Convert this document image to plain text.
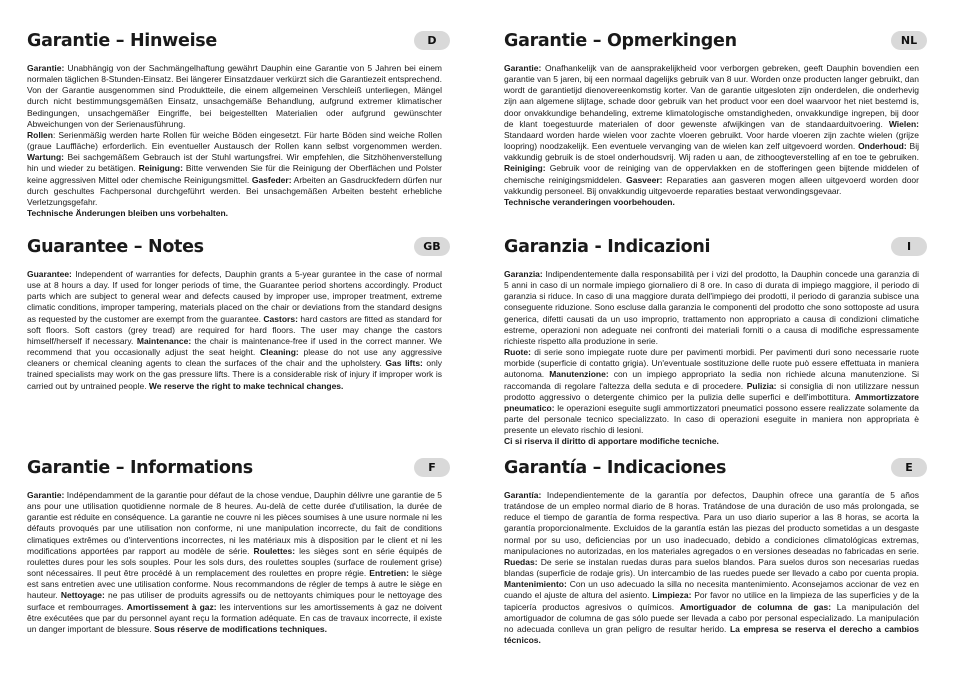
Garantie – Hinweise	D

Garantie: Unabhängig von der Sachmängelhaftung gewährt Dauphin eine Garantie von 5 Jahren bei einem normalen täglichen 8-Stunden-Einsatz. Bei längerer Einsatzdauer verkürzt sich die Garantiezeit entsprechend. Von der Garantie ausgenommen sind Produktteile, die einem allgemeinen Verschleiß unterliegen, Mängel durch nicht bestimmungsgemäßen Einsatz, unsachgemäße Behandlung, aufgrund extremer klimatischer Bedingungen, unsachgemäßer Eingriffe, bei beigestellten Materialien oder aufgrund gewünschter Abweichungen von der Serienausführung.

Rollen: Serienmäßig werden harte Rollen für weiche Böden eingesetzt. Für harte Böden sind weiche Rollen (graue Lauffläche) erforderlich. Ein eventueller Austausch der Rollen kann selbst vorgenommen werden. Wartung: Bei sachgemäßem Gebrauch ist der Stuhl wartungsfrei. Wir empfehlen, die Sitzhöhenverstellung hin und wieder zu betätigen. Reinigung: Bitte verwenden Sie für die Reinigung der Oberflächen und Polster keine aggressiven Mittel oder chemische Reinigungsmittel. Gasfeder: Arbeiten an Gasdruckfedern dürfen nur durch geschultes Fachpersonal durchgeführt werden. Bei unsachgemäßen Arbeiten besteht erhebliche Verletzungsgefahr.

Technische Änderungen bleiben uns vorbehalten.

Guarantee – Notes	GB

Guarantee: Independent of warranties for defects, Dauphin grants a 5-year gurantee in the case of normal use at 8 hours a day. If used for longer periods of time, the Guarantee period shortens accordingly. Product parts which are subject to general wear and defects caused by improper use, improper treatment, extreme climatic conditions, improper tampering, materials placed on the chair or deviations from the standard designs as requested by the customer are exempt from the guarantee. Castors: hard castors are fitted as standard for soft floors. Soft castors (grey tread) are required for hard floors. The user may change the castors himself/herself if necessary. Maintenance: the chair is maintenance-free if used in the correct manner. We recommend that you occasionally adjust the seat height. Cleaning: please do not use any aggressive cleaners or chemical cleaning agents to clean the surfaces of the chair and the upholstery. Gas lifts: only trained specialists may work on the gas pressure lifts. There is a considerable risk of injury if improper work is carried out by untrained people. We reserve the right to make technical changes.

Garantie – Informations	F

Garantie: Indépendamment de la garantie pour défaut de la chose vendue, Dauphin délivre une garantie de 5 ans pour une utilisation quotidienne normale de 8 heures. Au-delà de cette durée d'utilisation, la durée de garantie est réduite en conséquence. La garantie ne couvre ni les pièces soumises à une usure normale ni les défauts provoqués par une utilisation non conforme, ni une manipulation incorrecte, du fait de conditions climatiques extrêmes ou d'interventions incorrectes, ni les matériaux mis à disposition par le client et ni les modifications apportées par rapport au modèle de série. Roulettes: les sièges sont en série équipés de roulettes dures pour les sols souples. Pour les sols durs, des roulettes souples (surface de roulement grise) sont nécessaires. Il peut être procédé à un remplacement des roulettes en propre régie. Entretien: le siège est sans entretien avec une utilisation conforme. Nous recommandons de régler de temps à autre le siège en hauteur. Nettoyage: ne pas utiliser de produits agressifs ou de nettoyants chimiques pour le nettoyage des surface et rembourrages. Amortissement à gaz: les interventions sur les amortissements à gaz ne doivent être exécutées que par du personnel ayant reçu la formation adéquate. En cas de travaux incorrecte, il existe un danger important de blessure. Sous réserve de modifications techniques.

Garantie – Opmerkingen	NL

Garantie: Onafhankelijk van de aansprakelijkheid voor verborgen gebreken, geeft Dauphin bovendien een garantie van 5 jaren, bij een normaal dagelijks gebruik van 8 uur. Worden onze producten langer gebruikt, dan wordt de garantietijd dienovereenkomstig korter. Van de garantie uitgesloten zijn onderdelen, die onderhevig zijn aan algemene slijtage, schade door gebruik van het product voor een doel waarvoor het niet bestemd is, door onvakkundige behandeling, extreme klimatologische omstandigheden, onvakkundige ingrepen, bij door de klant toegestuurde materialen of door gewenste afwijkingen van de standaarduitvoering. Wielen: Standaard worden harde wielen voor zachte vloeren gebruikt. Voor harde vloeren zijn zachte wielen (grijze loopring) noodzakelijk. Een eventuele vervanging van de wielen kan zelf uitgevoerd worden. Onderhoud: Bij vakkundig gebruik is de stoel onderhoudsvrij. Wij raden u aan, de zithoogteverstelling af en toe te gebruiken. Reiniging: Gebruik voor de reiniging van de oppervlakken en de stofferingen geen bijtende middelen of chemische reinigingsmiddelen. Gasveer: Reparaties aan gasveren mogen alleen uitgevoerd worden door vakkundig personeel. Bij onvakkundig uitgevoerde reparaties bestaat verwondingsgevaar.

Technische veranderingen voorbehouden.

Garanzia - Indicazioni	I

Garanzia: Indipendentemente dalla responsabilità per i vizi del prodotto, la Dauphin concede una garanzia di 5 anni in caso di un normale impiego giornaliero di 8 ore. In caso di durata di impiego maggiore, il periodo di garanzia si riduce. In caso di una maggiore durata dell'impiego dei prodotti, il periodo di garanzia subisce una conseguente riduzione. Sono escluse dalla garanzia le componenti del prodotto che sono sottoposte ad usura generica, difetti causati da un uso improprio, trattamento non appropriato a causa di condizioni climatiche estreme, operazioni non adeguate nei confronti dei materiali forniti o a causa di modifiche espressamente richieste rispetto alla produzione in serie.

Ruote: di serie sono impiegate ruote dure per pavimenti morbidi. Per pavimenti duri sono necessarie ruote morbide (superficie di contatto grigia). Un'eventuale sostituzione delle ruote può essere effettuata in maniera autonoma. Manutenzione: con un impiego appropriato la sedia non richiede alcuna manutenzione. Si raccomanda di regolare l'altezza della seduta e di procedere. Pulizia: si consiglia di non utilizzare nessun prodotto aggressivo o detergente chimico per la pulizia delle superfici e dell'imbottitura. Ammortizzatore pneumatico: le operazioni eseguite sugli ammortizzatori pneumatici possono essere realizzate solamente da parte del personale tecnico specializzato. In caso di operazioni eseguite in maniera non appropriata è presente un elevato rischio di lesioni.

Ci si riserva il diritto di apportare modifiche tecniche.

Garantía – Indicaciones	E

Garantía: Independientemente de la garantía por defectos, Dauphin ofrece una garantía de 5 años tratándose de un empleo normal diario de 8 horas. Tratándose de una duración de uso más prolongada, se reduce el tiempo de garantía de forma respectiva. Para un uso diario superior a las 8 horas, se acorta la garantía proporcionalmente. Excluidos de la garantía están las piezas del producto sometidas a un desgaste normal por su uso, deficiencias por un uso inadecuado, debido a condiciones climatológicas extremas, manipulaciones no autorizadas, en los materiales agregados o en versiones deseadas no fabricadas en serie. Ruedas: De serie se instalan ruedas duras para suelos blandos. Para suelos duros son necesarias ruedas blandas (superficie de rodaje gris). Un intercambio de las ruedes puede ser llevado a cabo por cuenta propia. Mantenimiento: Con un uso adecuado la silla no necesita mantenimiento. Aconsejamos accionar de vez en cuando el ajuste de altura del asiento. Limpieza: Por favor no utilice en la limpieza de las superficies y de la tapicería productos agresivos o químicos. Amortiguador de columna de gas: La manipulación del amortiguador de columna de gas sólo puede ser llevada a cabo por personal especializado. La manipulación no adecuada conlleva un gran peligro de resultar herido. La empresa se reserva el derecho a cambios técnicos.
